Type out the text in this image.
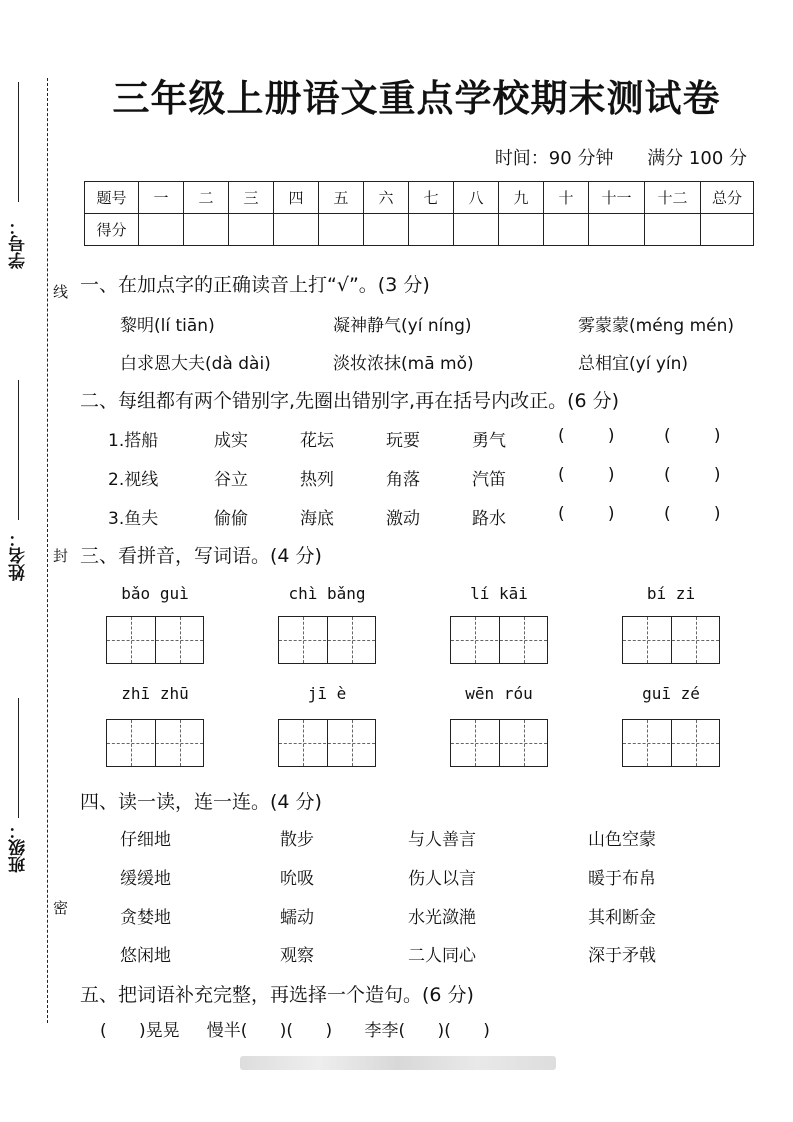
学号：
线
姓名： 封
班级：
密
三年级上册语文重点学校期末测试卷
时间：90 分钟 满分 100 分
题号	一	二	三	四	五	六	七	八	九	十	十一	十二	总分
得分													
一、在加点字的正确读音上打“√”。(3 分)
黎明(lí tiān)	凝神静气(yí níng)	雾蒙蒙(méng mén)
白求恩大夫(dà dài)	淡妆浓抹(mā mǒ)	总相宜(yí yín)
二、每组都有两个错别字,先圈出错别字,再在括号内改正。(6 分)
1.搭船	成实	花坛	玩要	勇气	(        )	(        )
2.视线	谷立	热列	角落	汽笛	(        )	(        )
3.鱼夫	偷偷	海底	激动	路水	(        )	(        )
三、看拼音，写词语。(4 分)
bǎo guì	chì bǎng	lí kāi	bí zi
zhī zhū	jī è	wēn róu	guī zé
四、读一读，连一连。(4 分)
仔细地	散步	与人善言	山色空蒙
缓缓地	吮吸	伤人以言	暖于布帛
贪婪地	蠕动	水光潋滟	其利断金
悠闲地	观察	二人同心	深于矛戟
五、把词语补充完整，再选择一个造句。(6 分)
(      )晃晃     慢半(      )(      )      李李(      )(      )
